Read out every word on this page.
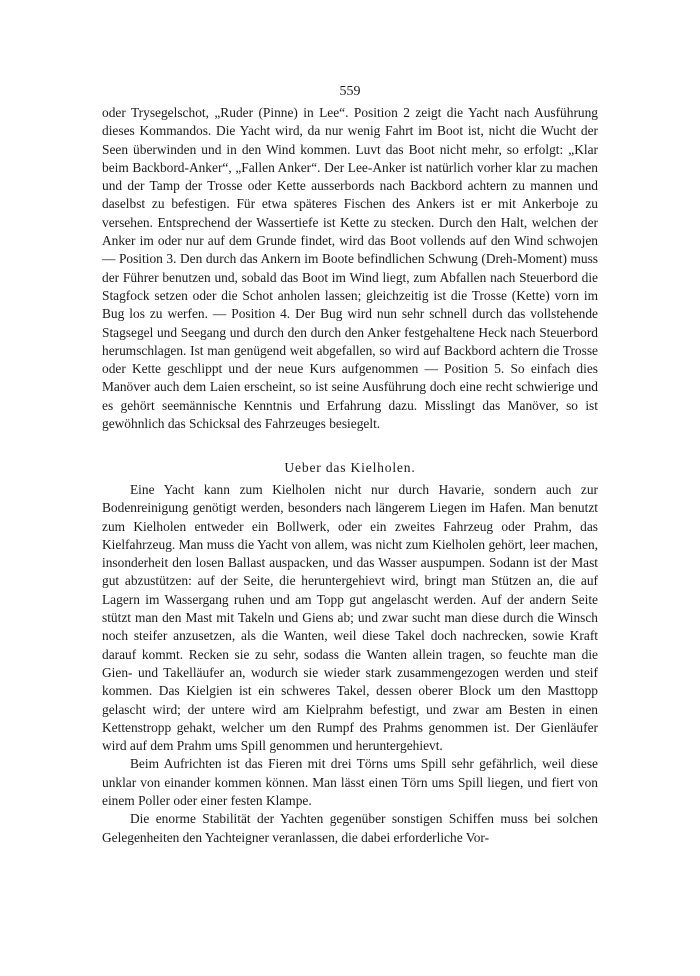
559

oder Trysegelschot, „Ruder (Pinne) in Lee“. Position 2 zeigt die Yacht nach Ausführung dieses Kommandos. Die Yacht wird, da nur wenig Fahrt im Boot ist, nicht die Wucht der Seen überwinden und in den Wind kommen. Luvt das Boot nicht mehr, so erfolgt: „Klar beim Backbord-Anker“, „Fallen Anker“. Der Lee-Anker ist natürlich vorher klar zu machen und der Tamp der Trosse oder Kette ausserbords nach Backbord achtern zu mannen und daselbst zu befestigen. Für etwa späteres Fischen des Ankers ist er mit Ankerboje zu versehen. Entsprechend der Wassertiefe ist Kette zu stecken. Durch den Halt, welchen der Anker im oder nur auf dem Grunde findet, wird das Boot vollends auf den Wind schwojen — Position 3. Den durch das Ankern im Boote befindlichen Schwung (Dreh-Moment) muss der Führer benutzen und, sobald das Boot im Wind liegt, zum Abfallen nach Steuerbord die Stagfock setzen oder die Schot anholen lassen; gleichzeitig ist die Trosse (Kette) vorn im Bug los zu werfen. — Position 4. Der Bug wird nun sehr schnell durch das vollstehende Stagsegel und Seegang und durch den durch den Anker festgehaltene Heck nach Steuerbord herumschlagen. Ist man genügend weit abgefallen, so wird auf Backbord achtern die Trosse oder Kette geschlippt und der neue Kurs aufgenommen — Position 5. So einfach dies Manöver auch dem Laien erscheint, so ist seine Ausführung doch eine recht schwierige und es gehört seemännische Kenntnis und Erfahrung dazu. Misslingt das Manöver, so ist gewöhnlich das Schicksal des Fahrzeuges besiegelt.

Ueber das Kielholen.

Eine Yacht kann zum Kielholen nicht nur durch Havarie, sondern auch zur Bodenreinigung genötigt werden, besonders nach längerem Liegen im Hafen. Man benutzt zum Kielholen entweder ein Bollwerk, oder ein zweites Fahrzeug oder Prahm, das Kielfahrzeug. Man muss die Yacht von allem, was nicht zum Kielholen gehört, leer machen, insonderheit den losen Ballast auspacken, und das Wasser auspumpen. Sodann ist der Mast gut abzustützen: auf der Seite, die heruntergehievt wird, bringt man Stützen an, die auf Lagern im Wassergang ruhen und am Topp gut angelascht werden. Auf der andern Seite stützt man den Mast mit Takeln und Giens ab; und zwar sucht man diese durch die Winsch noch steifer anzusetzen, als die Wanten, weil diese Takel doch nachrecken, sowie Kraft darauf kommt. Recken sie zu sehr, sodass die Wanten allein tragen, so feuchte man die Gien- und Takelläufer an, wodurch sie wieder stark zusammengezogen werden und steif kommen. Das Kielgien ist ein schweres Takel, dessen oberer Block um den Masttopp gelascht wird; der untere wird am Kielprahm befestigt, und zwar am Besten in einen Kettenstropp gehakt, welcher um den Rumpf des Prahms genommen ist. Der Gienläufer wird auf dem Prahm ums Spill genommen und heruntergehievt.

Beim Aufrichten ist das Fieren mit drei Törns ums Spill sehr gefährlich, weil diese unklar von einander kommen können. Man lässt einen Törn ums Spill liegen, und fiert von einem Poller oder einer festen Klampe.

Die enorme Stabilität der Yachten gegenüber sonstigen Schiffen muss bei solchen Gelegenheiten den Yachteigner veranlassen, die dabei erforderliche Vor-
